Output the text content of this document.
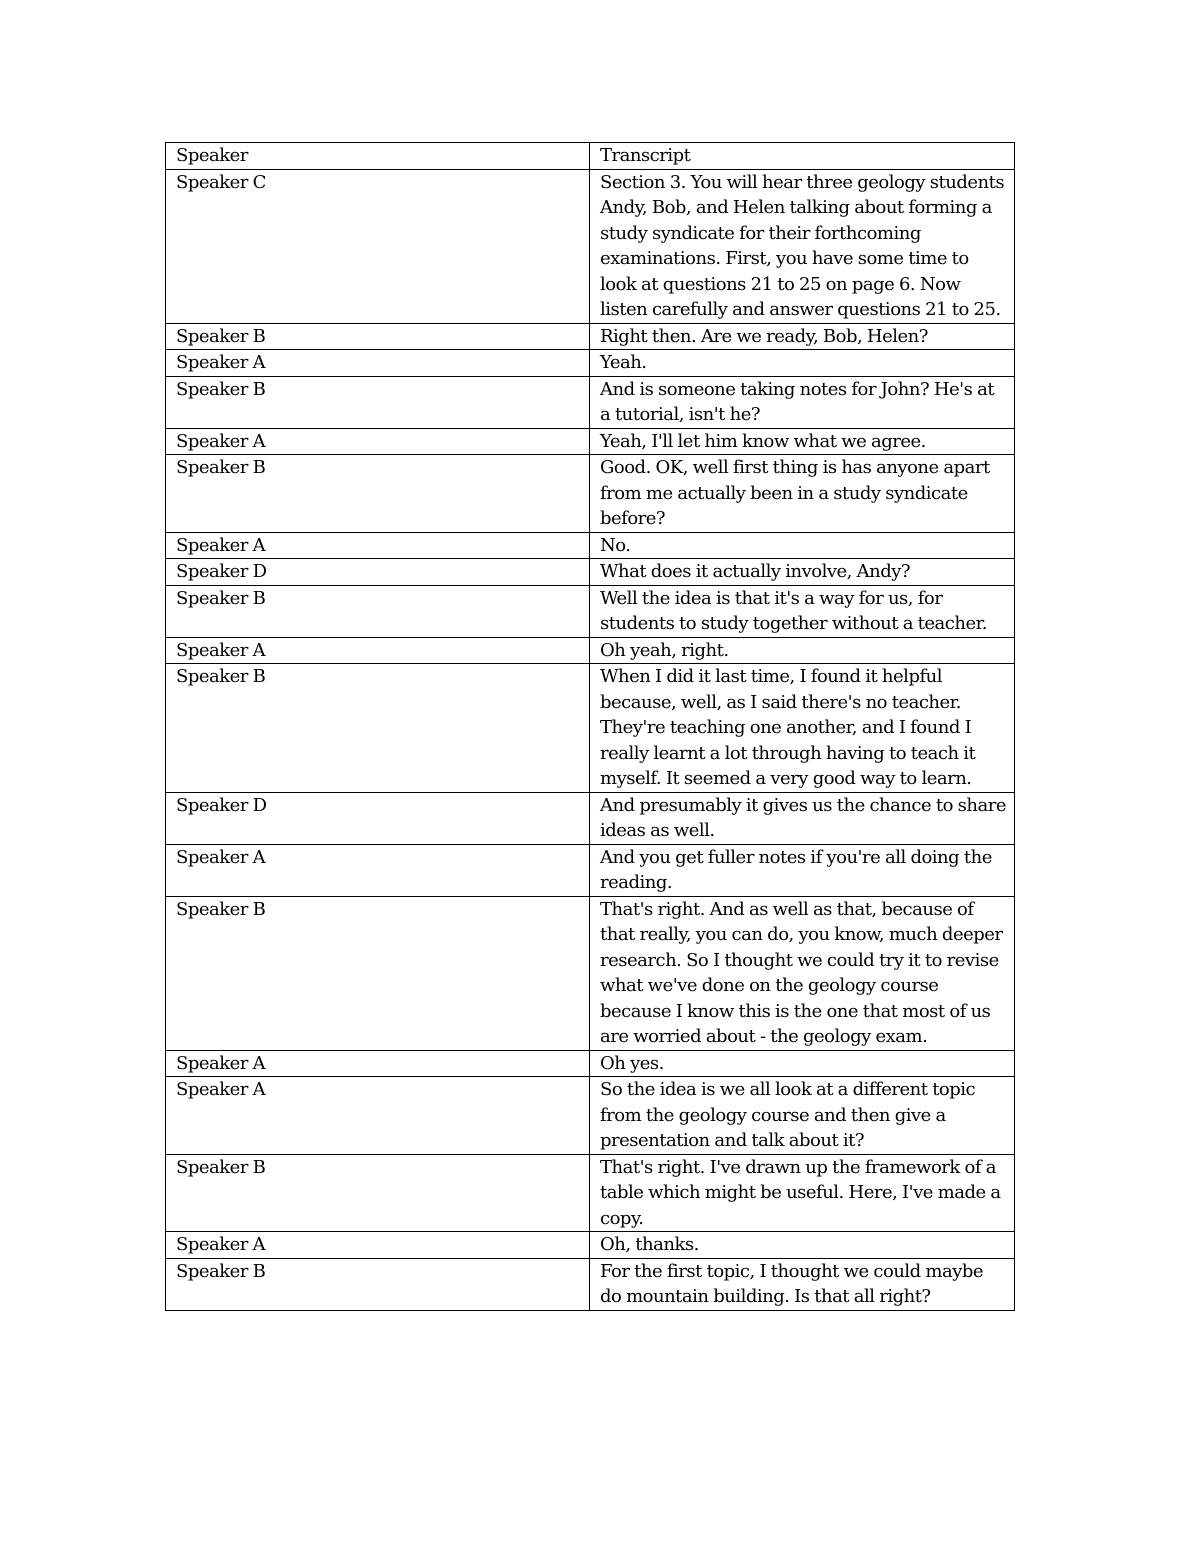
Speaker	Transcript
Speaker C	Section 3. You will hear three geology students Andy, Bob, and Helen talking about forming a study syndicate for their forthcoming examinations. First, you have some time to look at questions 21 to 25 on page 6. Now listen carefully and answer questions 21 to 25.
Speaker B	Right then. Are we ready, Bob, Helen?
Speaker A	Yeah.
Speaker B	And is someone taking notes for John? He's at a tutorial, isn't he?
Speaker A	Yeah, I'll let him know what we agree.
Speaker B	Good. OK, well first thing is has anyone apart from me actually been in a study syndicate before?
Speaker A	No.
Speaker D	What does it actually involve, Andy?
Speaker B	Well the idea is that it's a way for us, for students to study together without a teacher.
Speaker A	Oh yeah, right.
Speaker B	When I did it last time, I found it helpful because, well, as I said there's no teacher. They're teaching one another, and I found I really learnt a lot through having to teach it myself. It seemed a very good way to learn.
Speaker D	And presumably it gives us the chance to share ideas as well.
Speaker A	And you get fuller notes if you're all doing the reading.
Speaker B	That's right. And as well as that, because of that really, you can do, you know, much deeper research. So I thought we could try it to revise what we've done on the geology course because I know this is the one that most of us are worried about - the geology exam.
Speaker A	Oh yes.
Speaker A	So the idea is we all look at a different topic from the geology course and then give a presentation and talk about it?
Speaker B	That's right. I've drawn up the framework of a table which might be useful. Here, I've made a copy.
Speaker A	Oh, thanks.
Speaker B	For the first topic, I thought we could maybe do mountain building. Is that all right?
